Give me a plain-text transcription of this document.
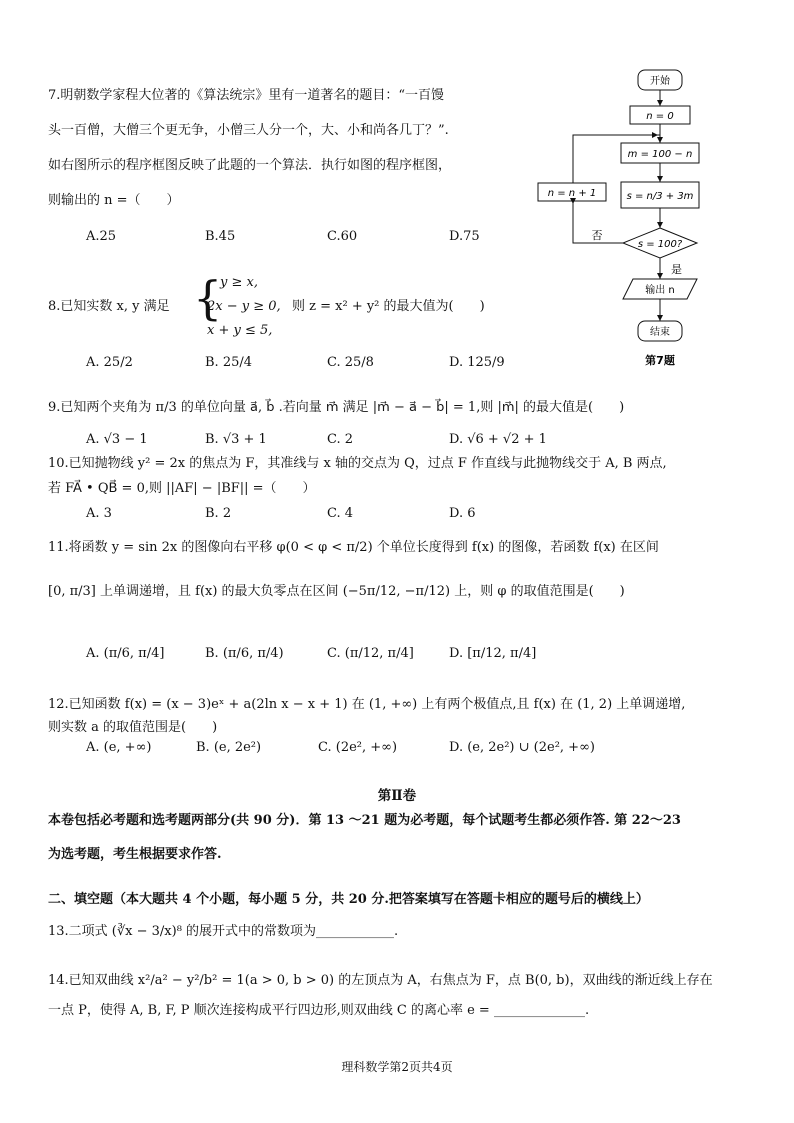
7.明朝数学家程大位著的《算法统宗》里有一道著名的题目：“一百馒
头一百僧，大僧三个更无争，小僧三人分一个，大、小和尚各几丁？”.
如右图所示的程序框图反映了此题的一个算法．执行如图的程序框图，
则输出的 n =（　　）
A.25	B.45	C.60	D.75
开始
n = 0
m = 100 − n
s = n/3 + 3m
s = 100?
n = n + 1
否
是
输出 n
结束
第7题
8.已知实数 x, y 满足 {
y ≥ x,
2x − y ≥ 0,
x + y ≤ 5,
则 z = x² + y² 的最大值为(　　)
A. 25/2	B. 25/4	C. 25/8	D. 125/9
9.已知两个夹角为 π/3 的单位向量 a⃗, b⃗ .若向量 m⃗ 满足 |m⃗ − a⃗ − b⃗| = 1,则 |m⃗| 的最大值是(　　)
A. √3 − 1	B. √3 + 1	C. 2	D. √6 + √2 + 1
10.已知抛物线 y² = 2x 的焦点为 F，其准线与 x 轴的交点为 Q，过点 F 作直线与此抛物线交于 A, B 两点,
若 FA⃗ • QB⃗ = 0,则 ||AF| − |BF|| =（　　）
A. 3	B. 2	C. 4	D. 6
11.将函数 y = sin 2x 的图像向右平移 φ(0 < φ < π/2) 个单位长度得到 f(x) 的图像，若函数 f(x) 在区间
[0, π/3] 上单调递增，且 f(x) 的最大负零点在区间 (−5π/12, −π/12) 上，则 φ 的取值范围是(　　)
A. (π/6, π/4]	B. (π/6, π/4)	C. (π/12, π/4]	D. [π/12, π/4]
12.已知函数 f(x) = (x − 3)eˣ + a(2ln x − x + 1) 在 (1, +∞) 上有两个极值点,且 f(x) 在 (1, 2) 上单调递增,
则实数 a 的取值范围是(　　)
A. (e, +∞)	B. (e, 2e²)	C. (2e², +∞)	D. (e, 2e²) ∪ (2e², +∞)
第Ⅱ卷
本卷包括必考题和选考题两部分(共 90 分)．第 13 ～21 题为必考题，每个试题考生都必须作答. 第 22～23
为选考题，考生根据要求作答.
二、填空题（本大题共 4 个小题，每小题 5 分，共 20 分.把答案填写在答题卡相应的题号后的横线上）
13.二项式 (∛x − 3/x)⁸ 的展开式中的常数项为____________.
14.已知双曲线 x²/a² − y²/b² = 1(a > 0, b > 0) 的左顶点为 A，右焦点为 F，点 B(0, b)，双曲线的渐近线上存在
一点 P，使得 A, B, F, P 顺次连接构成平行四边形,则双曲线 C 的离心率 e = ______________.
理科数学第2页共4页
